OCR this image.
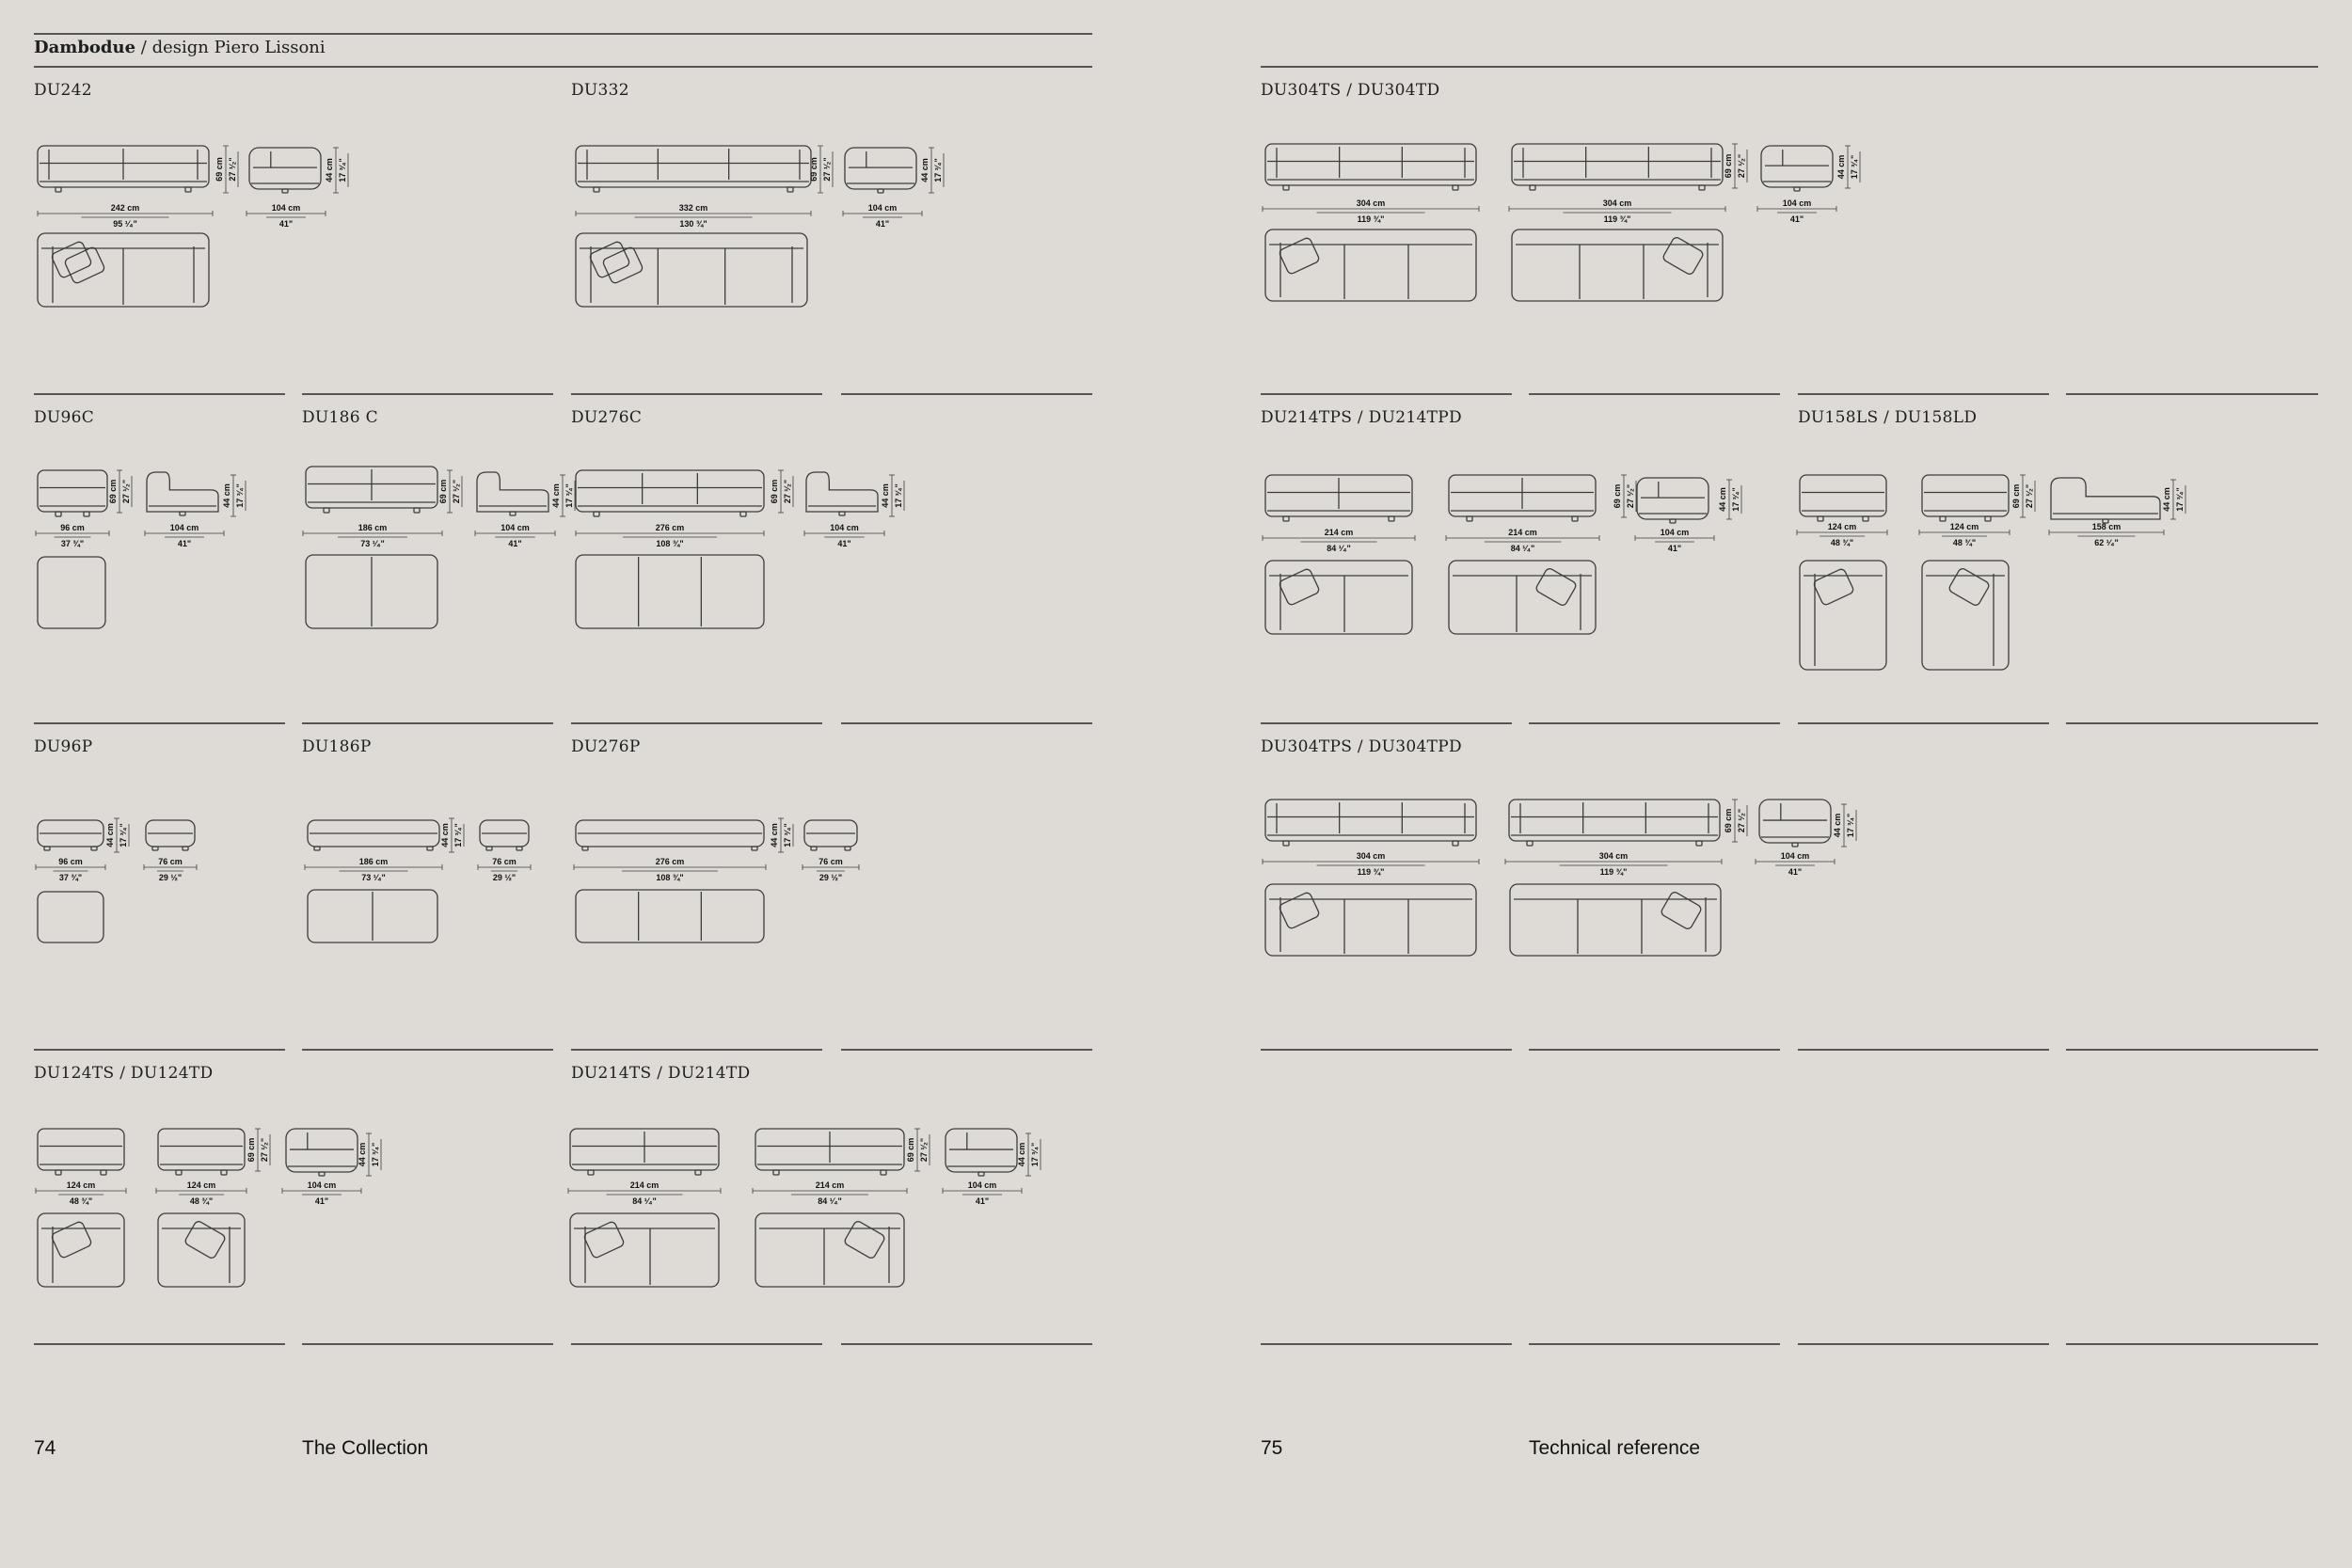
Dambodue / design Piero Lissoni
DU242	DU332
DU96C	DU186 C	DU276C
DU96P	DU186P	DU276P
DU124TS / DU124TD	DU214TS / DU214TD
DU304TS / DU304TD
DU214TPS / DU214TPD	DU158LS / DU158LD
DU304TPS / DU304TPD
69 cm 27 ¹⁄₂"
242 cm
95 ¹⁄₄"
44 cm 17 ³⁄₄"
104 cm
41"
69 cm 27 ¹⁄₂"
332 cm
130 ¾"
44 cm 17 ³⁄₄"
104 cm
41"
69 cm 27 ¹⁄₂"
96 cm
37 ¾"
44 cm 17 ³⁄₄"
104 cm
41"
69 cm 27 ¹⁄₂"
186 cm
73 ¹⁄₄"
44 cm 17 ³⁄₄"
104 cm
41"
69 cm 27 ¹⁄₂"
276 cm
108 ¾"
44 cm 17 ³⁄₄"
104 cm
41"
44 cm 17 ³⁄₄"
96 cm
37 ¾"
76 cm
29 ½"
44 cm 17 ³⁄₄"
186 cm
73 ¹⁄₄"
76 cm
29 ½"
44 cm 17 ³⁄₄"
276 cm
108 ¾"
76 cm
29 ½"
124 cm
48 ¾"
69 cm 27 ¹⁄₂"
124 cm
48 ¾"
44 cm 17 ³⁄₄"
104 cm
41"
214 cm
84 ¹⁄₄"
69 cm 27 ¹⁄₂"
214 cm
84 ¹⁄₄"
44 cm 17 ³⁄₄"
104 cm
41"
304 cm
119 ¾"
69 cm 27 ¹⁄₂"
304 cm
119 ¾"
44 cm 17 ³⁄₄"
104 cm
41"
214 cm
84 ¹⁄₄"
69 cm 27 ¹⁄₂"
214 cm
84 ¹⁄₄"
44 cm 17 ³⁄₄"
104 cm
41"
124 cm
48 ¾"
69 cm 27 ¹⁄₂"
124 cm
48 ¾"
44 cm 17 ³⁄₄"
158 cm
62 ¹⁄₄"
304 cm
119 ¾"
69 cm 27 ¹⁄₂"
304 cm
119 ¾"
44 cm 17 ³⁄₄"
104 cm
41"
74	The Collection	75	Technical reference
